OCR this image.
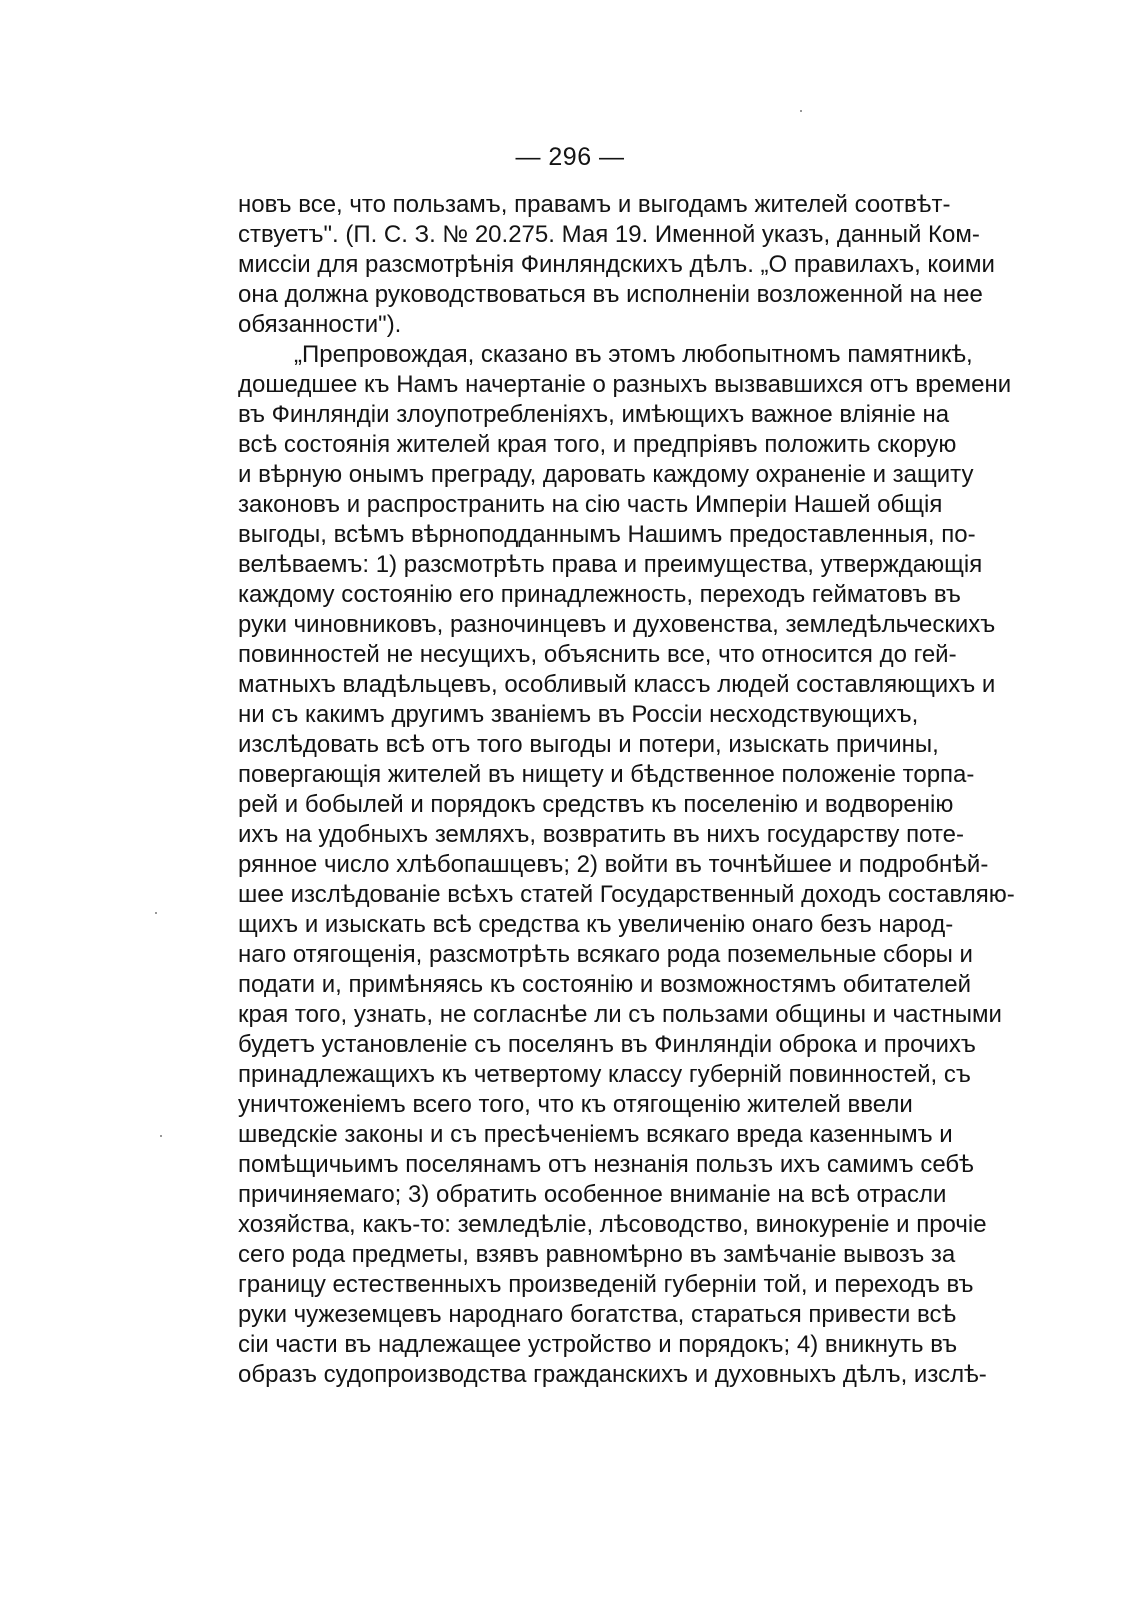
— 296 —
новъ все, что пользамъ, правамъ и выгодамъ жителей соотвѣт-
ствуетъ". (П. С. З. № 20.275. Мая 19. Именной указъ, данный Ком-
миссіи для разсмотрѣнія Финляндскихъ дѣлъ. „О правилахъ, коими
она должна руководствоваться въ исполненіи возложенной на нее
обязанности").
„Препровождая, сказано въ этомъ любопытномъ памятникѣ,
дошедшее къ Намъ начертаніе о разныхъ вызвавшихся отъ времени
въ Финляндіи злоупотребленіяхъ, имѣющихъ важное вліяніе на
всѣ состоянія жителей края того, и предпріявъ положить скорую
и вѣрную онымъ преграду, даровать каждому охраненіе и защиту
законовъ и распространить на сію часть Имперіи Нашей общія
выгоды, всѣмъ вѣрноподданнымъ Нашимъ предоставленныя, по-
велѣваемъ: 1) разсмотрѣть права и преимущества, утверждающія
каждому состоянію его принадлежность, переходъ гейматовъ въ
руки чиновниковъ, разночинцевъ и духовенства, земледѣльческихъ
повинностей не несущихъ, объяснить все, что относится до гей-
матныхъ владѣльцевъ, особливый классъ людей составляющихъ и
ни съ какимъ другимъ званіемъ въ Россіи несходствующихъ,
изслѣдовать всѣ отъ того выгоды и потери, изыскать причины,
повергающія жителей въ нищету и бѣдственное положеніе торпа-
рей и бобылей и порядокъ средствъ къ поселенію и водворенію
ихъ на удобныхъ земляхъ, возвратить въ нихъ государству поте-
рянное число хлѣбопашцевъ; 2) войти въ точнѣйшее и подробнѣй-
шее изслѣдованіе всѣхъ статей Государственный доходъ составляю-
щихъ и изыскать всѣ средства къ увеличенію онаго безъ народ-
наго отягощенія, разсмотрѣть всякаго рода поземельные сборы и
подати и, примѣняясь къ состоянію и возможностямъ обитателей
края того, узнать, не согласнѣе ли съ пользами общины и частными
будетъ установленіе съ поселянъ въ Финляндіи оброка и прочихъ
принадлежащихъ къ четвертому классу губерній повинностей, съ
уничтоженіемъ всего того, что къ отягощенію жителей ввели
шведскіе законы и съ пресѣченіемъ всякаго вреда казеннымъ и
помѣщичьимъ поселянамъ отъ незнанія пользъ ихъ самимъ себѣ
причиняемаго; 3) обратить особенное вниманіе на всѣ отрасли
хозяйства, какъ-то: земледѣліе, лѣсоводство, винокуреніе и прочіе
сего рода предметы, взявъ равномѣрно въ замѣчаніе вывозъ за
границу естественныхъ произведеній губерніи той, и переходъ въ
руки чужеземцевъ народнаго богатства, стараться привести всѣ
сіи части въ надлежащее устройство и порядокъ; 4) вникнуть въ
образъ судопроизводства гражданскихъ и духовныхъ дѣлъ, изслѣ-
